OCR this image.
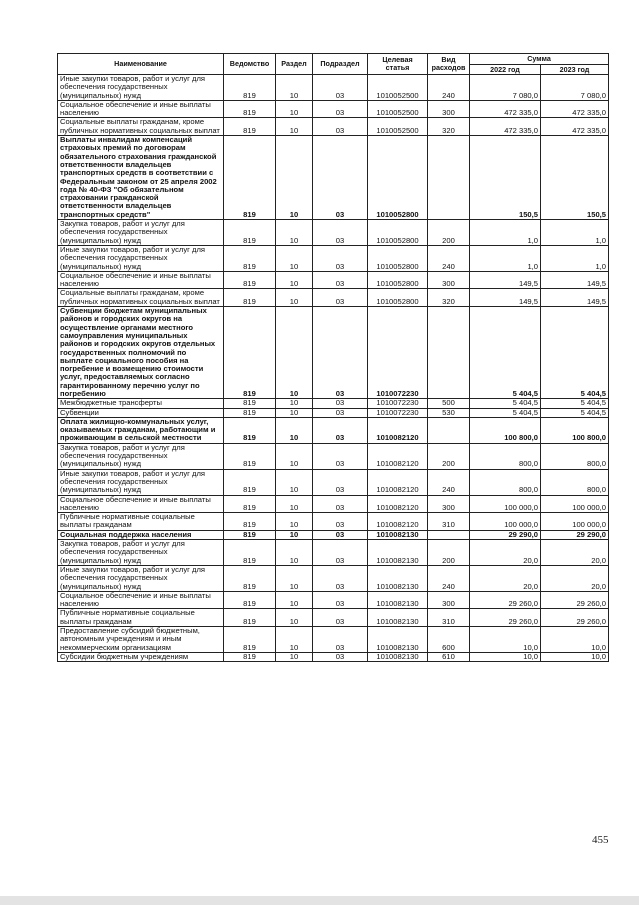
Наименование	Ведомство	Раздел	Подраздел	Целевая статья	Вид расходов	Сумма	
						2022 год	2023 год
Иные закупки товаров, работ и услуг для обеспечения государственных (муниципальных) нужд	819	10	03	1010052500	240	7 080,0	7 080,0
Социальное обеспечение и иные выплаты населению	819	10	03	1010052500	300	472 335,0	472 335,0
Социальные выплаты гражданам, кроме публичных нормативных социальных выплат	819	10	03	1010052500	320	472 335,0	472 335,0
Выплаты инвалидам компенсаций страховых премий по договорам обязательного страхования гражданской ответственности владельцев транспортных средств в соответствии с Федеральным законом от 25 апреля 2002 года № 40-ФЗ "Об обязательном страховании гражданской ответственности владельцев транспортных средств"	819	10	03	1010052800		150,5	150,5
Закупка товаров, работ и услуг для обеспечения государственных (муниципальных) нужд	819	10	03	1010052800	200	1,0	1,0
Иные закупки товаров, работ и услуг для обеспечения государственных (муниципальных) нужд	819	10	03	1010052800	240	1,0	1,0
Социальное обеспечение и иные выплаты населению	819	10	03	1010052800	300	149,5	149,5
Социальные выплаты гражданам, кроме публичных нормативных социальных выплат	819	10	03	1010052800	320	149,5	149,5
Субвенции бюджетам муниципальных районов и городских округов на осуществление органами местного самоуправления муниципальных районов и городских округов отдельных государственных полномочий по выплате социального пособия на погребение и возмещению стоимости услуг, предоставляемых согласно гарантированному перечню услуг по погребению	819	10	03	1010072230		5 404,5	5 404,5
Межбюджетные трансферты	819	10	03	1010072230	500	5 404,5	5 404,5
Субвенции	819	10	03	1010072230	530	5 404,5	5 404,5
Оплата жилищно-коммунальных услуг, оказываемых гражданам, работающим и проживающим в сельской местности	819	10	03	1010082120		100 800,0	100 800,0
Закупка товаров, работ и услуг для обеспечения государственных (муниципальных) нужд	819	10	03	1010082120	200	800,0	800,0
Иные закупки товаров, работ и услуг для обеспечения государственных (муниципальных) нужд	819	10	03	1010082120	240	800,0	800,0
Социальное обеспечение и иные выплаты населению	819	10	03	1010082120	300	100 000,0	100 000,0
Публичные нормативные социальные выплаты гражданам	819	10	03	1010082120	310	100 000,0	100 000,0
Социальная поддержка населения	819	10	03	1010082130		29 290,0	29 290,0
Закупка товаров, работ и услуг для обеспечения государственных (муниципальных) нужд	819	10	03	1010082130	200	20,0	20,0
Иные закупки товаров, работ и услуг для обеспечения государственных (муниципальных) нужд	819	10	03	1010082130	240	20,0	20,0
Социальное обеспечение и иные выплаты населению	819	10	03	1010082130	300	29 260,0	29 260,0
Публичные нормативные социальные выплаты гражданам	819	10	03	1010082130	310	29 260,0	29 260,0
Предоставление субсидий бюджетным, автономным учреждениям и иным некоммерческим организациям	819	10	03	1010082130	600	10,0	10,0
Субсидии бюджетным учреждениям	819	10	03	1010082130	610	10,0	10,0
455
